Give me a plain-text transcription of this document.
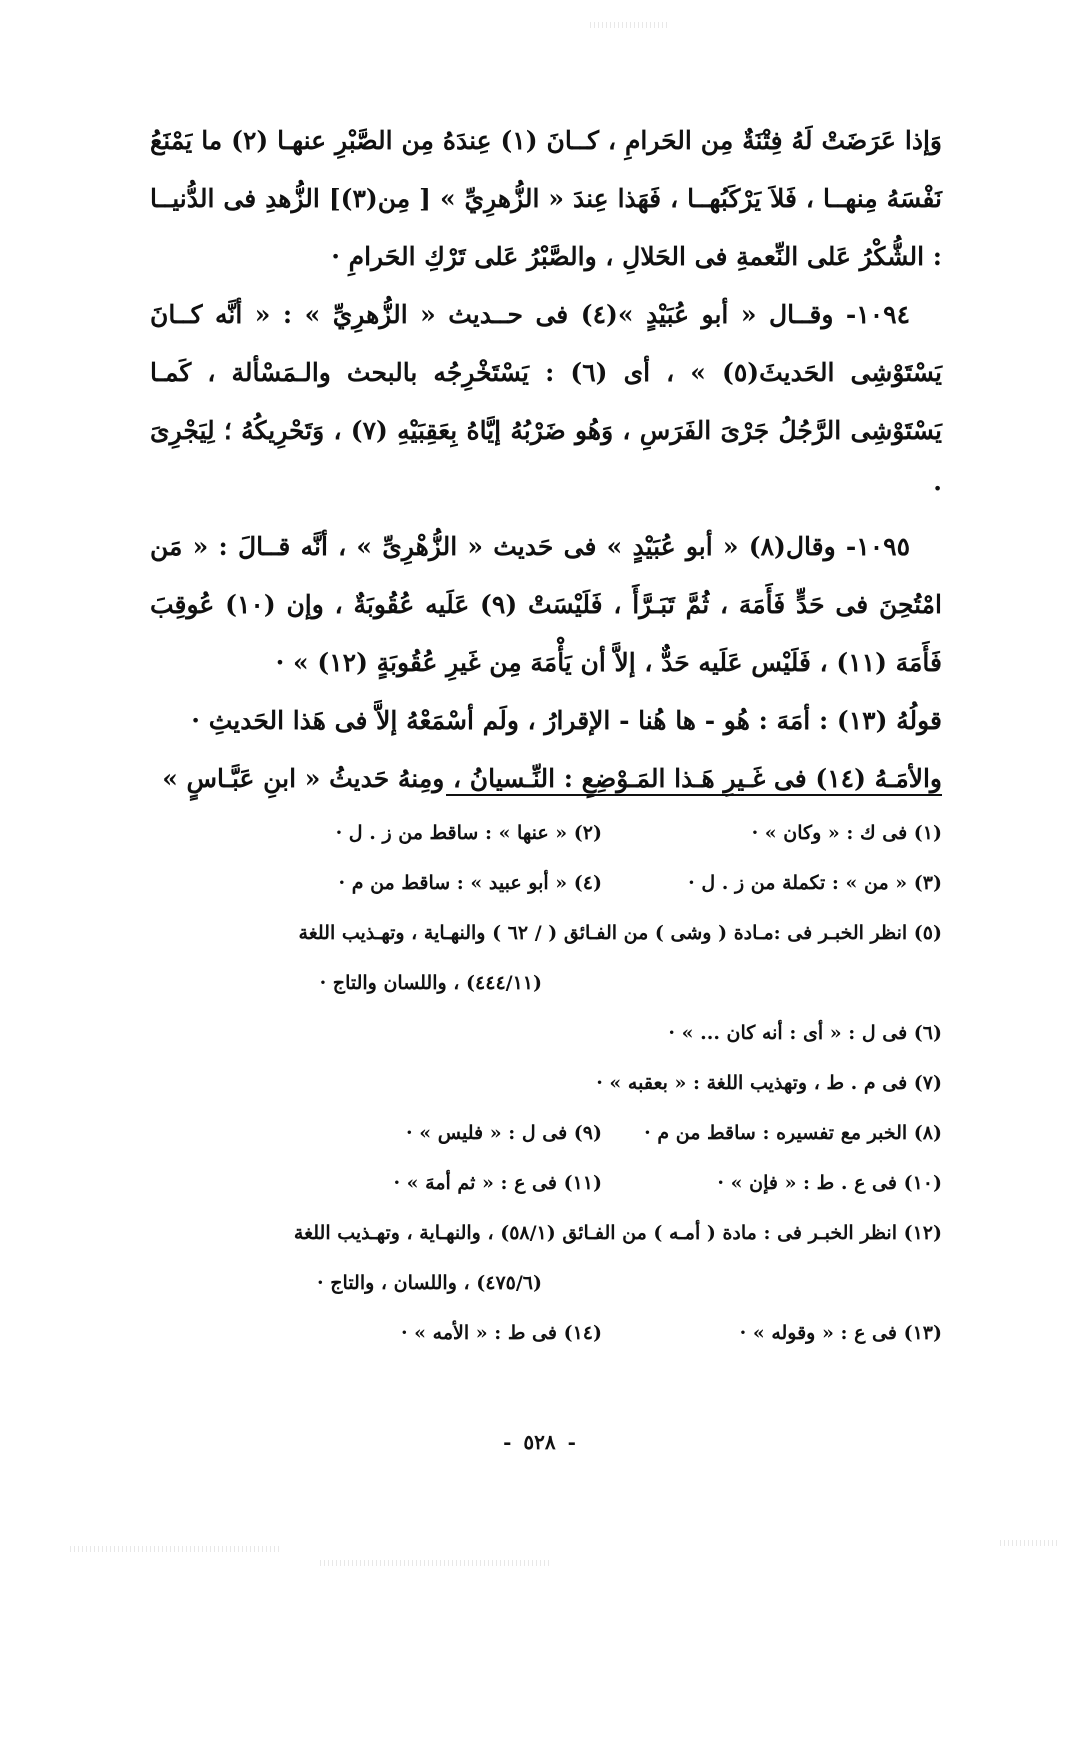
وَإذا عَرَضَتْ لَهُ فِتْنَةٌ مِن الحَرامِ ، كــانَ (١) عِندَهُ مِن الصَّبْرِ عنهـا (٢) ما يَمْنَعُ نَفْسَهُ مِنهــا ، فَلاَ يَرْكَبُهــا ، فَهَذا عِندَ « الزُّهرِيِّ » [ مِن(٣)] الزُّهدِ فى الدُّنيــا : الشُّكْرُ عَلى النِّعمةِ فى الحَلالِ ، والصَّبْرُ عَلى تَرْكِ الحَرامِ ·

١٠٩٤- وقــال « أبو عُبَيْدٍ »(٤) فى حــديث « الزُّهرِيِّ » : « أنَّه كــانَ يَسْتَوْشِى الحَديثَ(٥) » ، أى (٦) : يَسْتَخْرِجُه بالبحث والـمَسْألة ، كَمـا يَسْتَوْشِى الرَّجُلُ جَرْىَ الفَرَسِ ، وَهُو ضَرْبُهُ إيَّاهُ بِعَقِبَيْهِ (٧) ، وَتَحْرِيكُهُ ؛ لِيَجْرِىَ ·

١٠٩٥- وقال(٨) « أبو عُبَيْدٍ » فى حَديث « الزُّهْرِىِّ » ، أنَّه قــالَ : « مَن امْتُحِنَ فى حَدٍّ فَأَمَهَ ، ثُمَّ تَبَـرَّأَ ، فَلَيْسَتْ (٩) عَلَيه عُقُوبَةٌ ، وإن (١٠) عُوقِبَ فَأَمَهَ (١١) ، فَلَيْس عَلَيه حَدٌّ ، إلاَّ أن يَأْمَهَ مِن غَيرِ عُقُوبَةٍ (١٢) » ·

قولُهُ (١٣) : أمَهَ : هُو - ها هُنا - الإقرارُ ، ولَم أسْمَعْهُ إلاَّ فى هَذا الحَديثِ ·

والأمَـهُ (١٤) فى غَـيرِ هَـذا المَـوْضِعِ : النِّـسيانُ ، ومِنهُ حَديثُ « ابنِ عَبَّـاسٍ »

(١) فى ك : « وكان » ·
(٢) « عنها » : ساقط من ز . ل ·
(٣) « من » : تكملة من ز . ل ·
(٤) « أبو عبيد » : ساقط من م ·
(٥) انظر الخبـر فى :مـادة ( وشى ) من الفـائق ( / ٦٢ ) والنهـاية ، وتهـذيب اللغة
(٤٤٤/١١) ، واللسان والتاج ·
(٦) فى ل : « أى : أنه كان ... » ·
(٧) فى م . ط ، وتهذيب اللغة : « بعقبه » ·
(٨) الخبر مع تفسيره : ساقط من م ·
(٩) فى ل : « فليس » ·
(١٠) فى ع . ط : « فإن » ·
(١١) فى ع : « ثم أمهَ » ·
(١٢) انظر الخبـر فى : مادة ( أمـه ) من الفـائق (٥٨/١) ، والنهـاية ، وتهـذيب اللغة
(٤٧٥/٦) ، واللسان ، والتاج ·
(١٣) فى ع : « وقوله » ·
(١٤) فى ط : « الأمه » ·
-٥٢٨-
